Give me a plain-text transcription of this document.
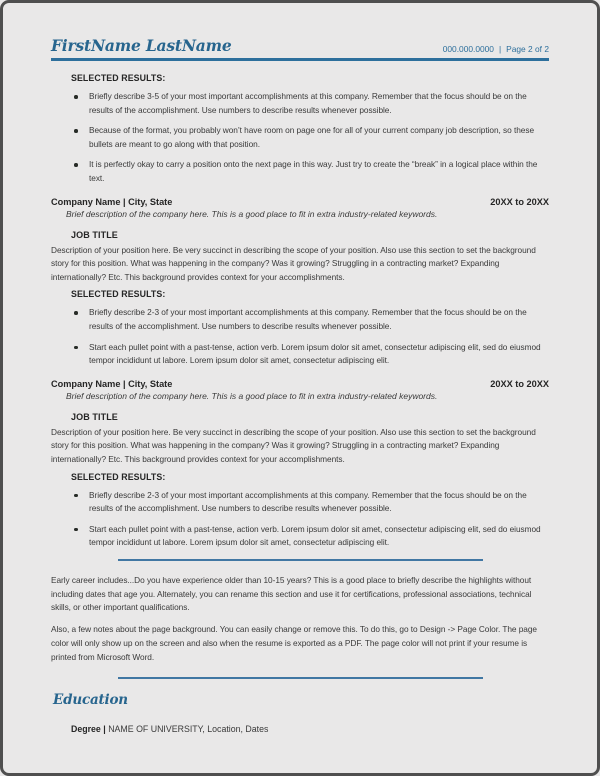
FirstName LastName	000.000.0000 | Page 2 of 2
SELECTED RESULTS:
Briefly describe 3-5 of your most important accomplishments at this company. Remember that the focus should be on the results of the accomplishment. Use numbers to describe results whenever possible.
Because of the format, you probably won’t have room on page one for all of your current company job description, so these bullets are meant to go along with that position.
It is perfectly okay to carry a position onto the next page in this way. Just try to create the “break” in a logical place within the text.
Company Name | City, State	20XX to 20XX
Brief description of the company here. This is a good place to fit in extra industry-related keywords.
JOB TITLE

Description of your position here. Be very succinct in describing the scope of your position. Also use this section to set the background story for this position. What was happening in the company? Was it growing? Struggling in a contracting market? Expanding internationally? Etc. This background provides context for your accomplishments.

SELECTED RESULTS:
Briefly describe 2-3 of your most important accomplishments at this company. Remember that the focus should be on the results of the accomplishment. Use numbers to describe results whenever possible.
Start each pullet point with a past-tense, action verb. Lorem ipsum dolor sit amet, consectetur adipiscing elit, sed do eiusmod tempor incididunt ut labore. Lorem ipsum dolor sit amet, consectetur adipiscing elit.
Company Name | City, State	20XX to 20XX
Brief description of the company here. This is a good place to fit in extra industry-related keywords.
JOB TITLE

Description of your position here. Be very succinct in describing the scope of your position. Also use this section to set the background story for this position. What was happening in the company? Was it growing? Struggling in a contracting market? Expanding internationally? Etc. This background provides context for your accomplishments.

SELECTED RESULTS:
Briefly describe 2-3 of your most important accomplishments at this company. Remember that the focus should be on the results of the accomplishment. Use numbers to describe results whenever possible.
Start each pullet point with a past-tense, action verb. Lorem ipsum dolor sit amet, consectetur adipiscing elit, sed do eiusmod tempor incididunt ut labore. Lorem ipsum dolor sit amet, consectetur adipiscing elit.

Early career includes...Do you have experience older than 10-15 years? This is a good place to briefly describe the highlights without including dates that age you. Alternately, you can rename this section and use it for certifications, professional associations, technical skills, or other important qualifications.

Also, a few notes about the page background. You can easily change or remove this. To do this, go to Design -> Page Color. The page color will only show up on the screen and also when the resume is exported as a PDF. The page color will not print if your resume is printed from Microsoft Word.

Education

Degree | NAME OF UNIVERSITY, Location, Dates
